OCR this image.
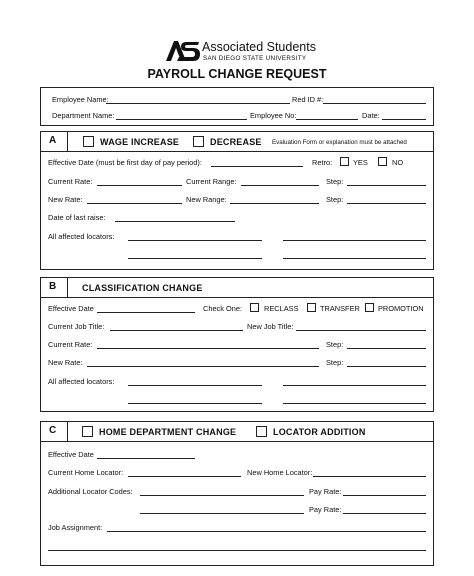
Associated Students
SAN DIEGO STATE UNIVERSITY
PAYROLL CHANGE REQUEST
Employee Name:	Red ID #:
Department Name:	Employee No:	Date:
A	WAGE INCREASE	DECREASE Evaluation Form or explanation must be attached
Effective Date (must be first day of pay period):	Retro:	YES	NO
Current Rate:	Current Range:	Step:
New Rate:	New Range:	Step:
Date of last raise:
All affected locators:
B	CLASSIFICATION CHANGE
Effective Date	Check One:	RECLASS	TRANSFER PROMOTION
Current Job Title:	New Job Title:
Current Rate:	Step:
New Rate:	Step:
All affected locators:
C	HOME DEPARTMENT CHANGE	LOCATOR ADDITION
Effective Date
Current Home Locator:	New Home Locator:
Additional Locator Codes:	Pay Rate:
Pay Rate:
Job Assignment:
